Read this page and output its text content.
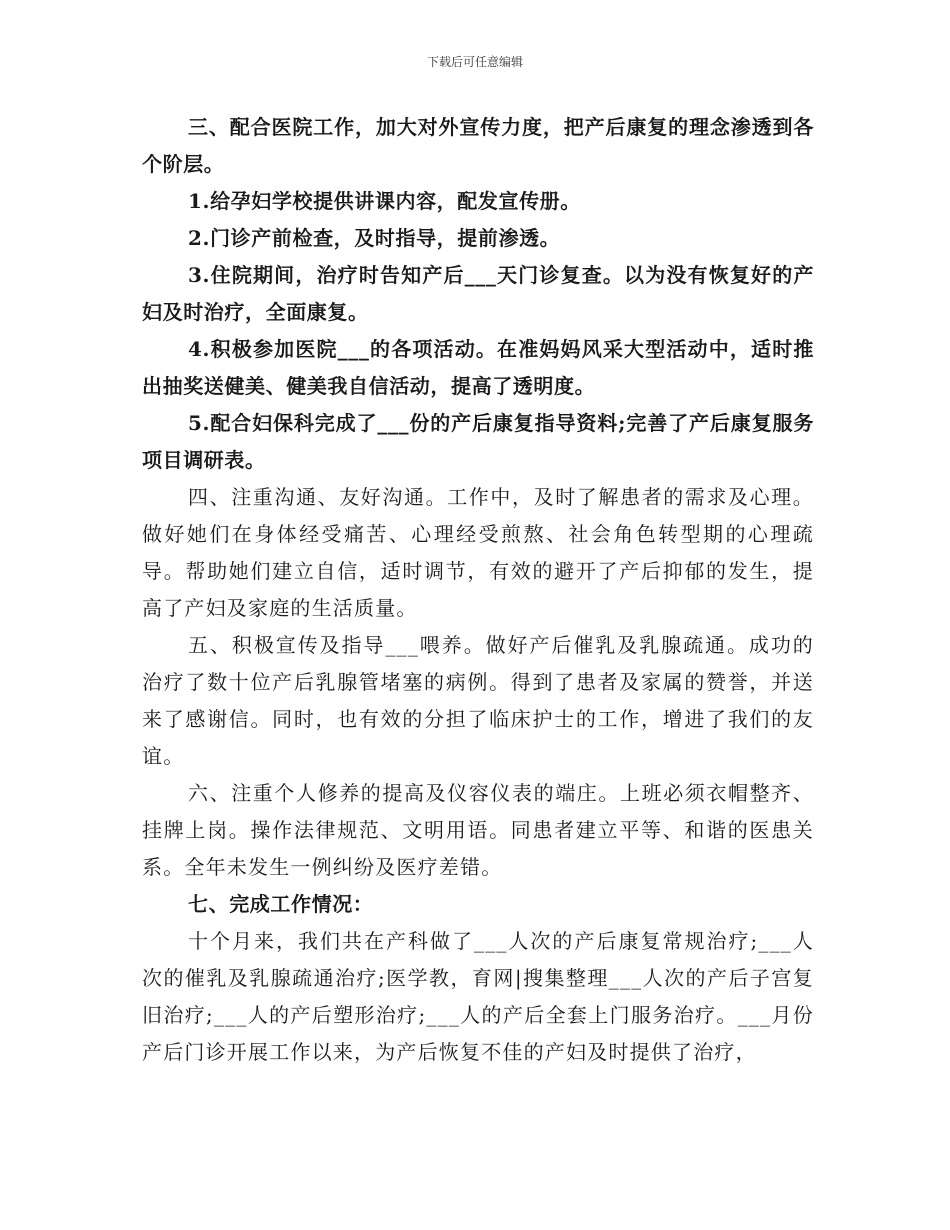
下载后可任意编辑

三、配合医院工作，加大对外宣传力度，把产后康复的理念渗透到各个阶层。

1.给孕妇学校提供讲课内容，配发宣传册。

2.门诊产前检查，及时指导，提前渗透。

3.住院期间，治疗时告知产后___天门诊复查。以为没有恢复好的产妇及时治疗，全面康复。

4.积极参加医院___的各项活动。在准妈妈风采大型活动中，适时推出抽奖送健美、健美我自信活动，提高了透明度。

5.配合妇保科完成了___份的产后康复指导资料;完善了产后康复服务项目调研表。

四、注重沟通、友好沟通。工作中，及时了解患者的需求及心理。做好她们在身体经受痛苦、心理经受煎熬、社会角色转型期的心理疏导。帮助她们建立自信，适时调节，有效的避开了产后抑郁的发生，提高了产妇及家庭的生活质量。

五、积极宣传及指导___喂养。做好产后催乳及乳腺疏通。成功的治疗了数十位产后乳腺管堵塞的病例。得到了患者及家属的赞誉，并送来了感谢信。同时，也有效的分担了临床护士的工作，增进了我们的友谊。

六、注重个人修养的提高及仪容仪表的端庄。上班必须衣帽整齐、挂牌上岗。操作法律规范、文明用语。同患者建立平等、和谐的医患关系。全年未发生一例纠纷及医疗差错。

七、完成工作情况：

十个月来，我们共在产科做了___人次的产后康复常规治疗;___人次的催乳及乳腺疏通治疗;医学教，育网|搜集整理___人次的产后子宫复旧治疗;___人的产后塑形治疗;___人的产后全套上门服务治疗。___月份产后门诊开展工作以来，为产后恢复不佳的产妇及时提供了治疗，
